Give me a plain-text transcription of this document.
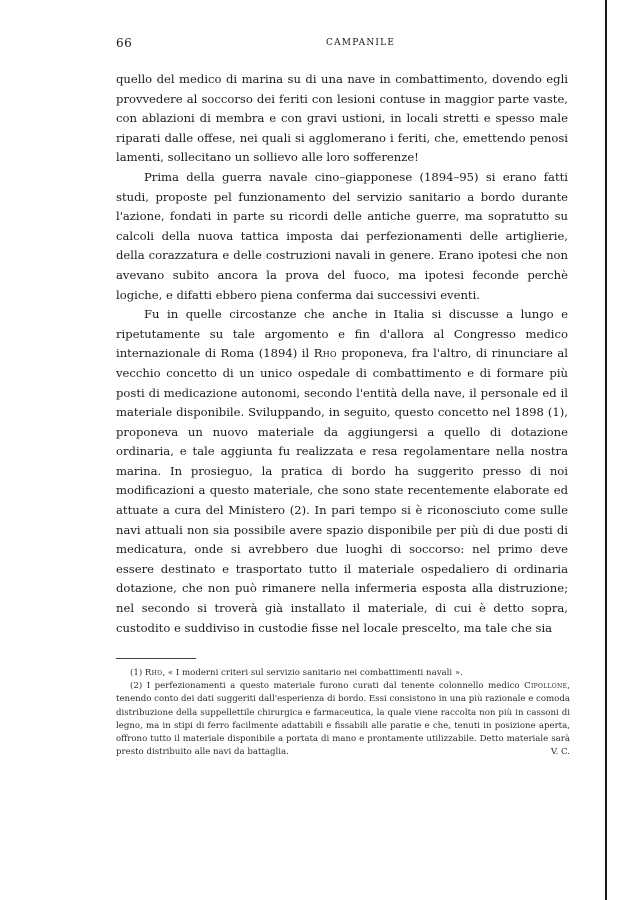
66	CAMPANILE

quello del medico di marina su di una nave in combattimento, dovendo egli provvedere al soccorso dei feriti con lesioni contuse in maggior parte vaste, con ablazioni di membra e con gravi ustioni, in locali stretti e spesso male riparati dalle offese, nei quali si agglomerano i feriti, che, emettendo penosi lamenti, sollecitano un sollievo alle loro sofferenze!

Prima della guerra navale cino–giapponese (1894–95) si erano fatti studi, proposte pel funzionamento del servizio sanitario a bordo durante l'azione, fondati in parte su ricordi delle antiche guerre, ma sopratutto su calcoli della nuova tattica imposta dai perfezionamenti delle artiglierie, della corazzatura e delle costruzioni navali in genere. Erano ipotesi che non avevano subito ancora la prova del fuoco, ma ipotesi feconde perchè logiche, e difatti ebbero piena conferma dai successivi eventi.

Fu in quelle circostanze che anche in Italia si discusse a lungo e ripetutamente su tale argomento e fin d'allora al Congresso medico internazionale di Roma (1894) il Rho proponeva, fra l'altro, di rinunciare al vecchio concetto di un unico ospedale di combattimento e di formare più posti di medicazione autonomi, secondo l'entità della nave, il personale ed il materiale disponibile. Sviluppando, in seguito, questo concetto nel 1898 (1), proponeva un nuovo materiale da aggiungersi a quello di dotazione ordinaria, e tale aggiunta fu realizzata e resa regolamentare nella nostra marina. In prosieguo, la pratica di bordo ha suggerito presso di noi modificazioni a questo materiale, che sono state recentemente elaborate ed attuate a cura del Ministero (2). In pari tempo si è riconosciuto come sulle navi attuali non sia possibile avere spazio disponibile per più di due posti di medicatura, onde si avrebbero due luoghi di soccorso: nel primo deve essere destinato e trasportato tutto il materiale ospedaliero di ordinaria dotazione, che non può rimanere nella infermeria esposta alla distruzione; nel secondo si troverà già installato il materiale, di cui è detto sopra, custodito e suddiviso in custodie fisse nel locale prescelto, ma tale che sia

(1) Rho, « I moderni criteri sul servizio sanitario nei combattimenti navali ».

(2) I perfezionamenti a questo materiale furono curati dal tenente colonnello medico Cipollone, tenendo conto dei dati suggeriti dall'esperienza di bordo. Essi consistono in una più razionale e comoda distribuzione della suppellettile chirurgica e farmaceutica, la quale viene raccolta non più in cassoni di legno, ma in stipi di ferro facilmente adattabili e fissabili alle paratie e che, tenuti in posizione aperta, offrono tutto il materiale disponibile a portata di mano e prontamente utilizzabile. Detto materiale sarà presto distribuito alle navi da battaglia.	V. C.
